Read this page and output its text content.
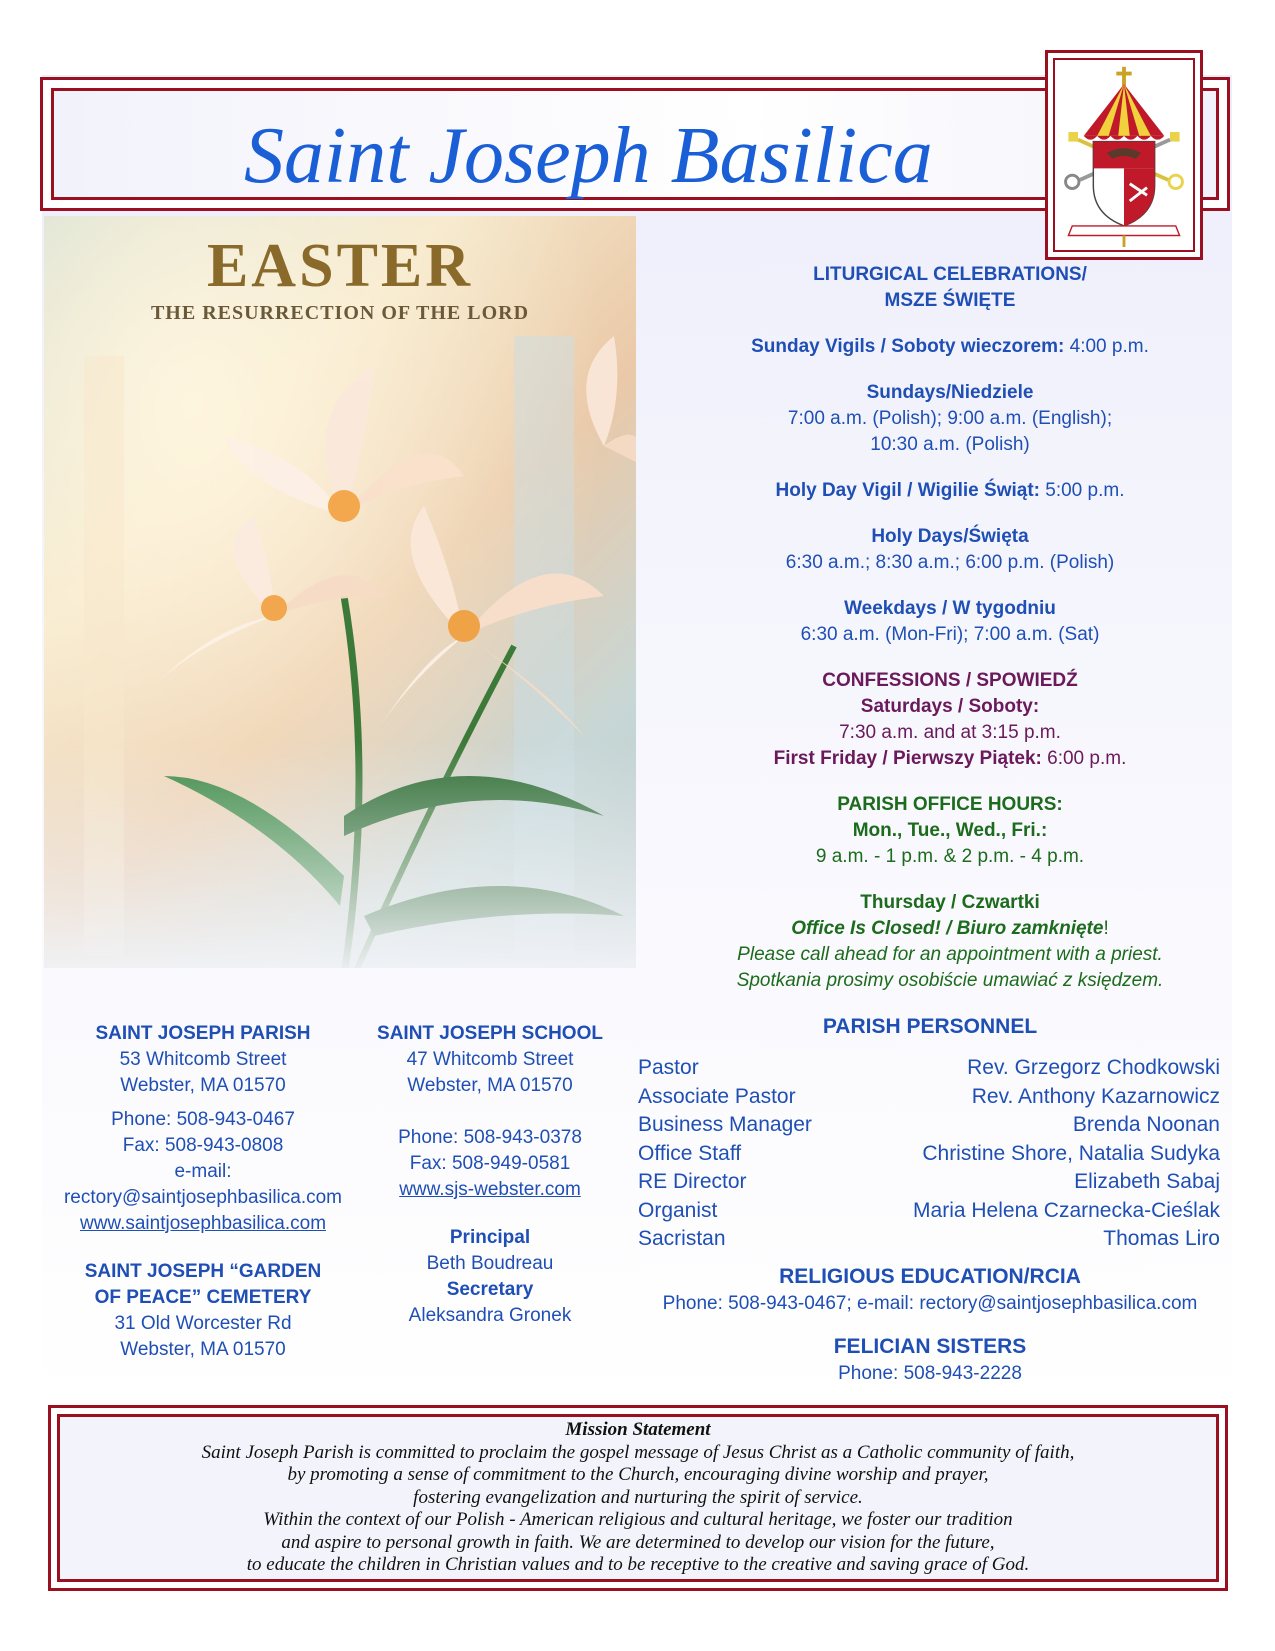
Saint Joseph Basilica
EASTER
THE RESURRECTION OF THE LORD
LITURGICAL CELEBRATIONS/
MSZE ŚWIĘTE
Sunday Vigils / Soboty wieczorem: 4:00 p.m.
Sundays/Niedziele
7:00 a.m. (Polish); 9:00 a.m. (English);
10:30 a.m. (Polish)
Holy Day Vigil / Wigilie Świąt: 5:00 p.m.
Holy Days/Święta
6:30 a.m.; 8:30 a.m.; 6:00 p.m. (Polish)
Weekdays / W tygodniu
6:30 a.m. (Mon-Fri); 7:00 a.m. (Sat)
CONFESSIONS / SPOWIEDŹ
Saturdays / Soboty:
7:30 a.m. and at 3:15 p.m.
First Friday / Pierwszy Piątek: 6:00 p.m.
PARISH OFFICE HOURS:
Mon., Tue., Wed., Fri.:
9 a.m. - 1 p.m. & 2 p.m. - 4 p.m.
Thursday / Czwartki
Office Is Closed! / Biuro zamknięte!
Please call ahead for an appointment with a priest.
Spotkania prosimy osobiście umawiać z księdzem.
SAINT JOSEPH PARISH
53 Whitcomb Street
Webster, MA 01570
Phone: 508-943-0467
Fax: 508-943-0808
e-mail:
rectory@saintjosephbasilica.com
www.saintjosephbasilica.com
SAINT JOSEPH “GARDEN
OF PEACE” CEMETERY
31 Old Worcester Rd
Webster, MA 01570
SAINT JOSEPH SCHOOL
47 Whitcomb Street
Webster, MA 01570
Phone: 508-943-0378
Fax: 508-949-0581
www.sjs-webster.com
Principal
Beth Boudreau
Secretary
Aleksandra Gronek
PARISH PERSONNEL
Pastor	Rev. Grzegorz Chodkowski
Associate Pastor	Rev. Anthony Kazarnowicz
Business Manager	Brenda Noonan
Office Staff	Christine Shore, Natalia Sudyka
RE Director	Elizabeth Sabaj
Organist	Maria Helena Czarnecka-Cieślak
Sacristan	Thomas Liro
RELIGIOUS EDUCATION/RCIA
Phone: 508-943-0467; e-mail: rectory@saintjosephbasilica.com
FELICIAN SISTERS
Phone: 508-943-2228
Mission Statement
Saint Joseph Parish is committed to proclaim the gospel message of Jesus Christ as a Catholic community of faith,
by promoting a sense of commitment to the Church, encouraging divine worship and prayer,
fostering evangelization and nurturing the spirit of service.
Within the context of our Polish - American religious and cultural heritage, we foster our tradition
and aspire to personal growth in faith. We are determined to develop our vision for the future,
to educate the children in Christian values and to be receptive to the creative and saving grace of God.
